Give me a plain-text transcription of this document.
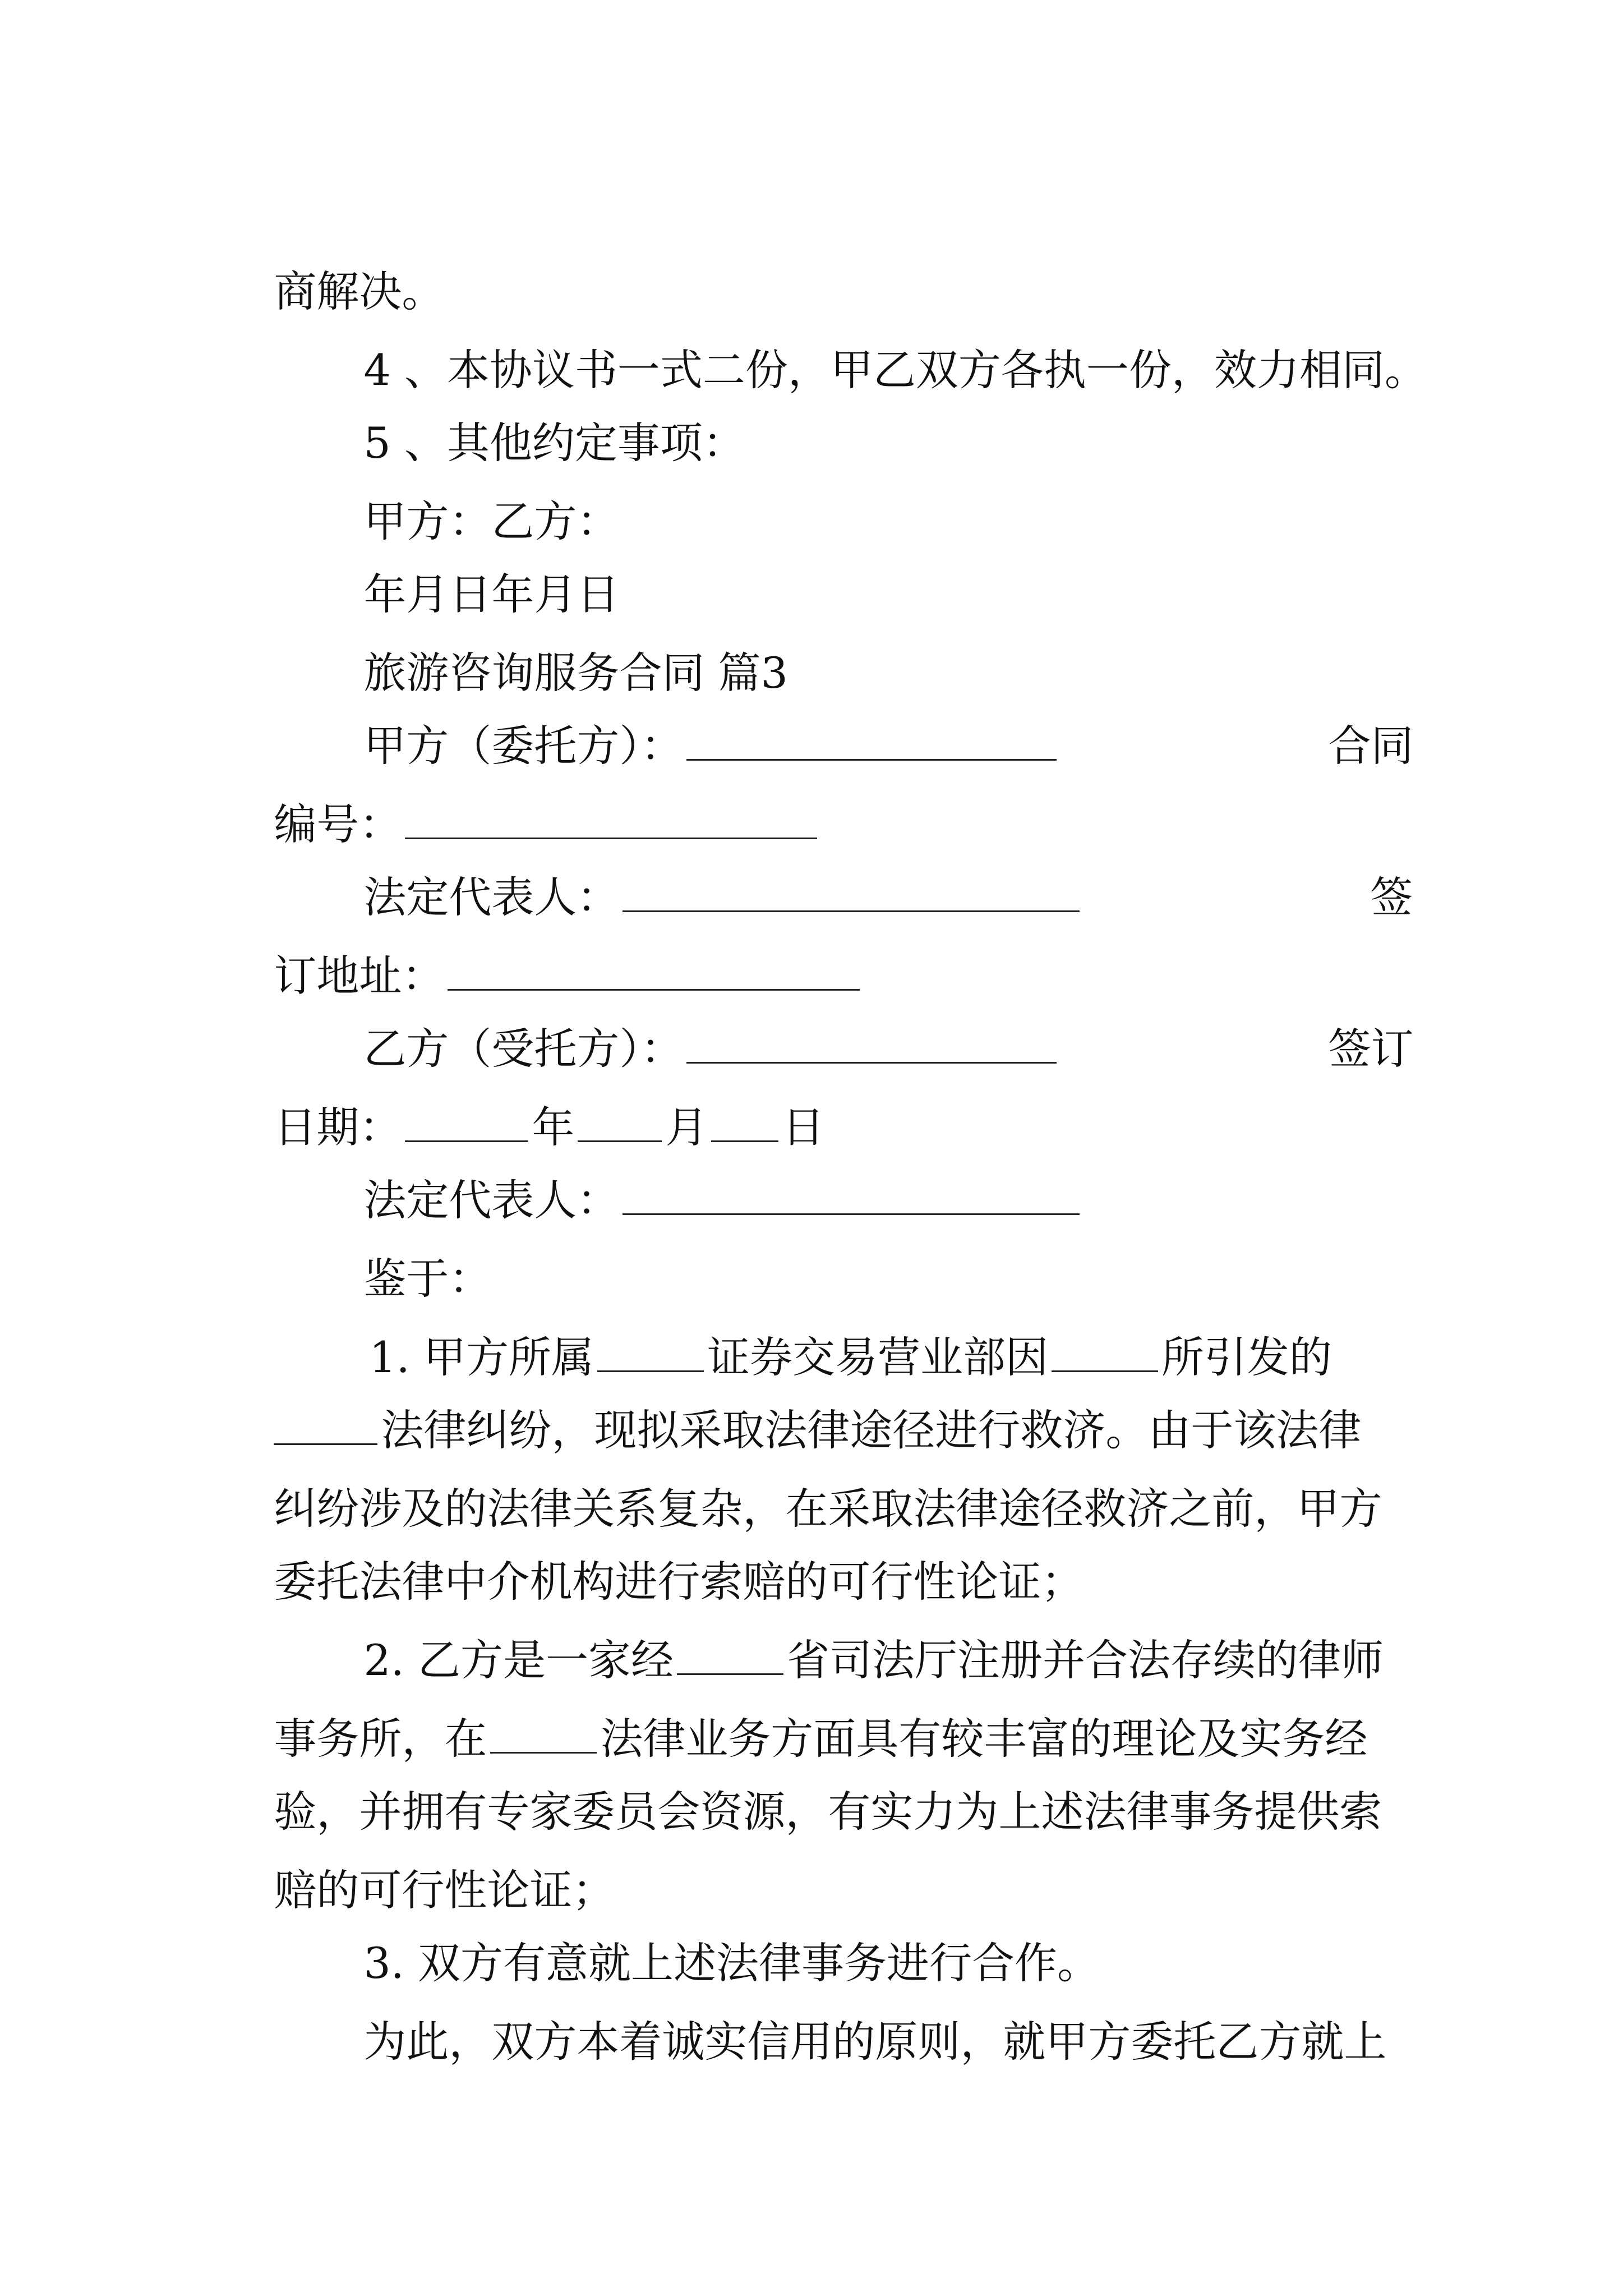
商解决。

4 、本协议书一式二份，甲乙双方各执一份，效力相同。

5 、其他约定事项：

甲方：乙方：

年月日年月日

旅游咨询服务合同 篇3

甲方（委托方）：	合同

编号：

法定代表人：	签

订地址：

乙方（受托方）：	签订

日期：	年 月 日

法定代表人：

鉴于：

1. 甲方所属	证券交易营业部因	所引发的

法律纠纷，现拟采取法律途径进行救济。由于该法律

纠纷涉及的法律关系复杂，在采取法律途径救济之前，甲方

委托法律中介机构进行索赔的可行性论证；

2. 乙方是一家经	省司法厅注册并合法存续的律师

事务所，在	法律业务方面具有较丰富的理论及实务经

验，并拥有专家委员会资源，有实力为上述法律事务提供索

赔的可行性论证；

3. 双方有意就上述法律事务进行合作。

为此，双方本着诚实信用的原则，就甲方委托乙方就上
